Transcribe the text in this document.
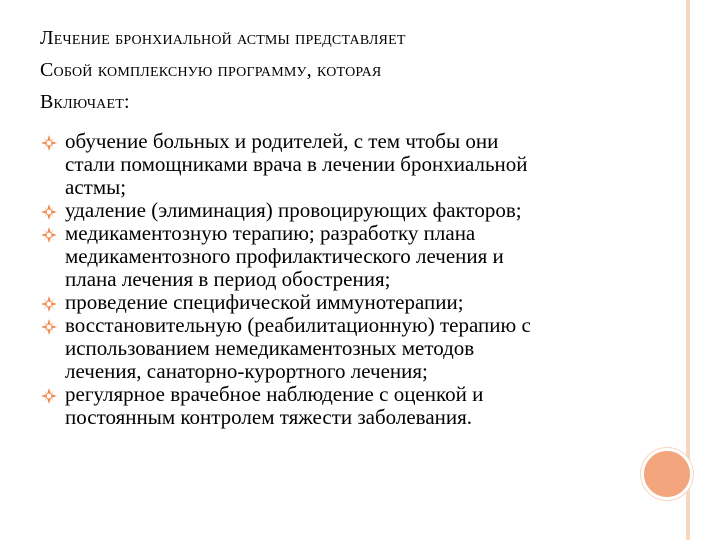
Лечение бронхиальной астмы представляет
Собой комплексную программу, которая
Включает:
обучение больных и родителей, с тем чтобы они
стали помощниками врача в лечении бронхиальной
астмы;
удаление (элиминация) провоцирующих факторов;
медикаментозную терапию; разработку плана
медикаментозного профилактического лечения и
плана лечения в период обострения;
проведение специфической иммунотерапии;
восстановительную (реабилитационную) терапию с
использованием немедикаментозных методов
лечения, санаторно-курортного лечения;
регулярное врачебное наблюдение с оценкой и
постоянным контролем тяжести заболевания.
